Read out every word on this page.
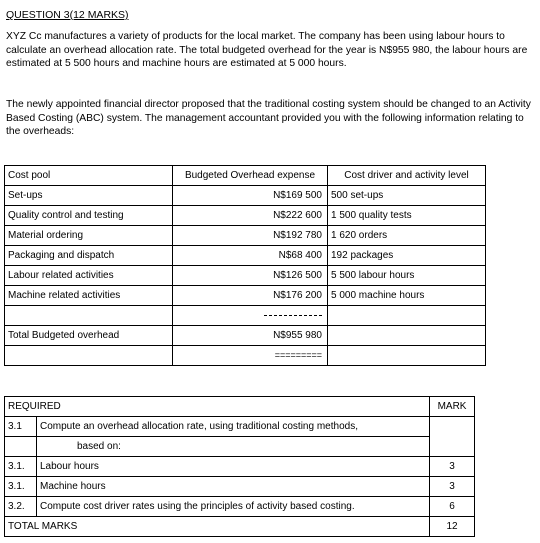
QUESTION 3(12 MARKS)

XYZ Cc manufactures a variety of products for the local market. The company has been using labour hours to calculate an overhead allocation rate. The total budgeted overhead for the year is N$955 980, the labour hours are estimated at 5 500 hours and machine hours are estimated at 5 000 hours.

The newly appointed financial director proposed that the traditional costing system should be changed to an Activity Based Costing (ABC) system. The management accountant provided you with the following information relating to the overheads:

Cost pool	Budgeted Overhead expense	Cost driver and activity level
Set-ups	N$169 500	500 set-ups
Quality control and testing	N$222 600	1 500 quality tests
Material ordering	N$192 780	1 620 orders
Packaging and dispatch	N$68 400	192 packages
Labour related activities	N$126 500	5 500 labour hours
Machine related activities	N$176 200	5 000 machine hours

Total Budgeted overhead	N$955 980	
	=========	
REQUIRED		MARK
3.1	Compute an overhead allocation rate, using traditional costing methods,	
	based on:	
3.1.	Labour hours	3
3.1.	Machine hours	3
3.2.	Compute cost driver rates using the principles of activity based costing.	6
TOTAL MARKS		12
